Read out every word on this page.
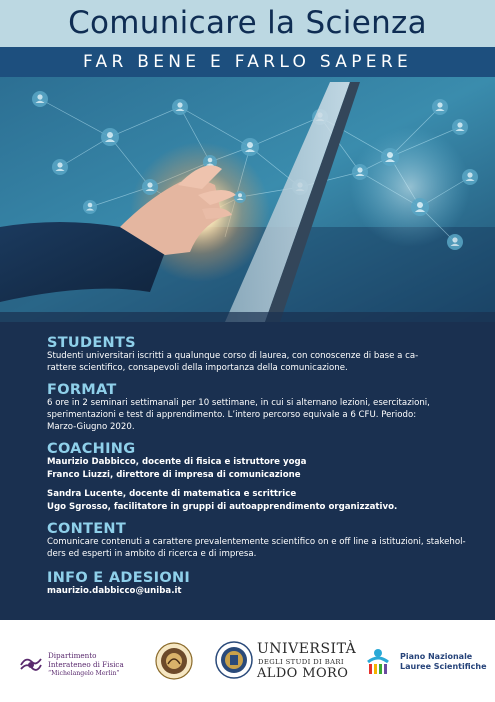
Comunicare la Scienza
FAR BENE E FARLO SAPERE
STUDENTS
Studenti universitari iscritti a qualunque corso di laurea, con conoscenze di base a ca-
rattere scientifico, consapevoli della importanza della comunicazione.
FORMAT
6 ore in 2 seminari settimanali per 10 settimane, in cui si alternano lezioni, esercitazioni,
sperimentazioni e test di apprendimento. L’intero percorso equivale a 6 CFU. Periodo:
Marzo-Giugno 2020.
COACHING
Maurizio Dabbicco, docente di fisica e istruttore yoga
Franco Liuzzi, direttore di impresa di comunicazione
Sandra Lucente, docente di matematica e scrittrice
Ugo Sgrosso, facilitatore in gruppi di autoapprendimento organizzativo.
CONTENT
Comunicare contenuti a carattere prevalentemente scientifico on e off line a istituzioni, stakehol-
ders ed esperti in ambito di ricerca e di impresa.
INFO E ADESIONI
maurizio.dabbicco@uniba.it
Dipartimento
Interateneo di Fisica
“Michelangelo Merlin”
UNIVERSITÀ
DEGLI STUDI DI BARI
ALDO MORO
Piano Nazionale
Lauree Scientifiche
